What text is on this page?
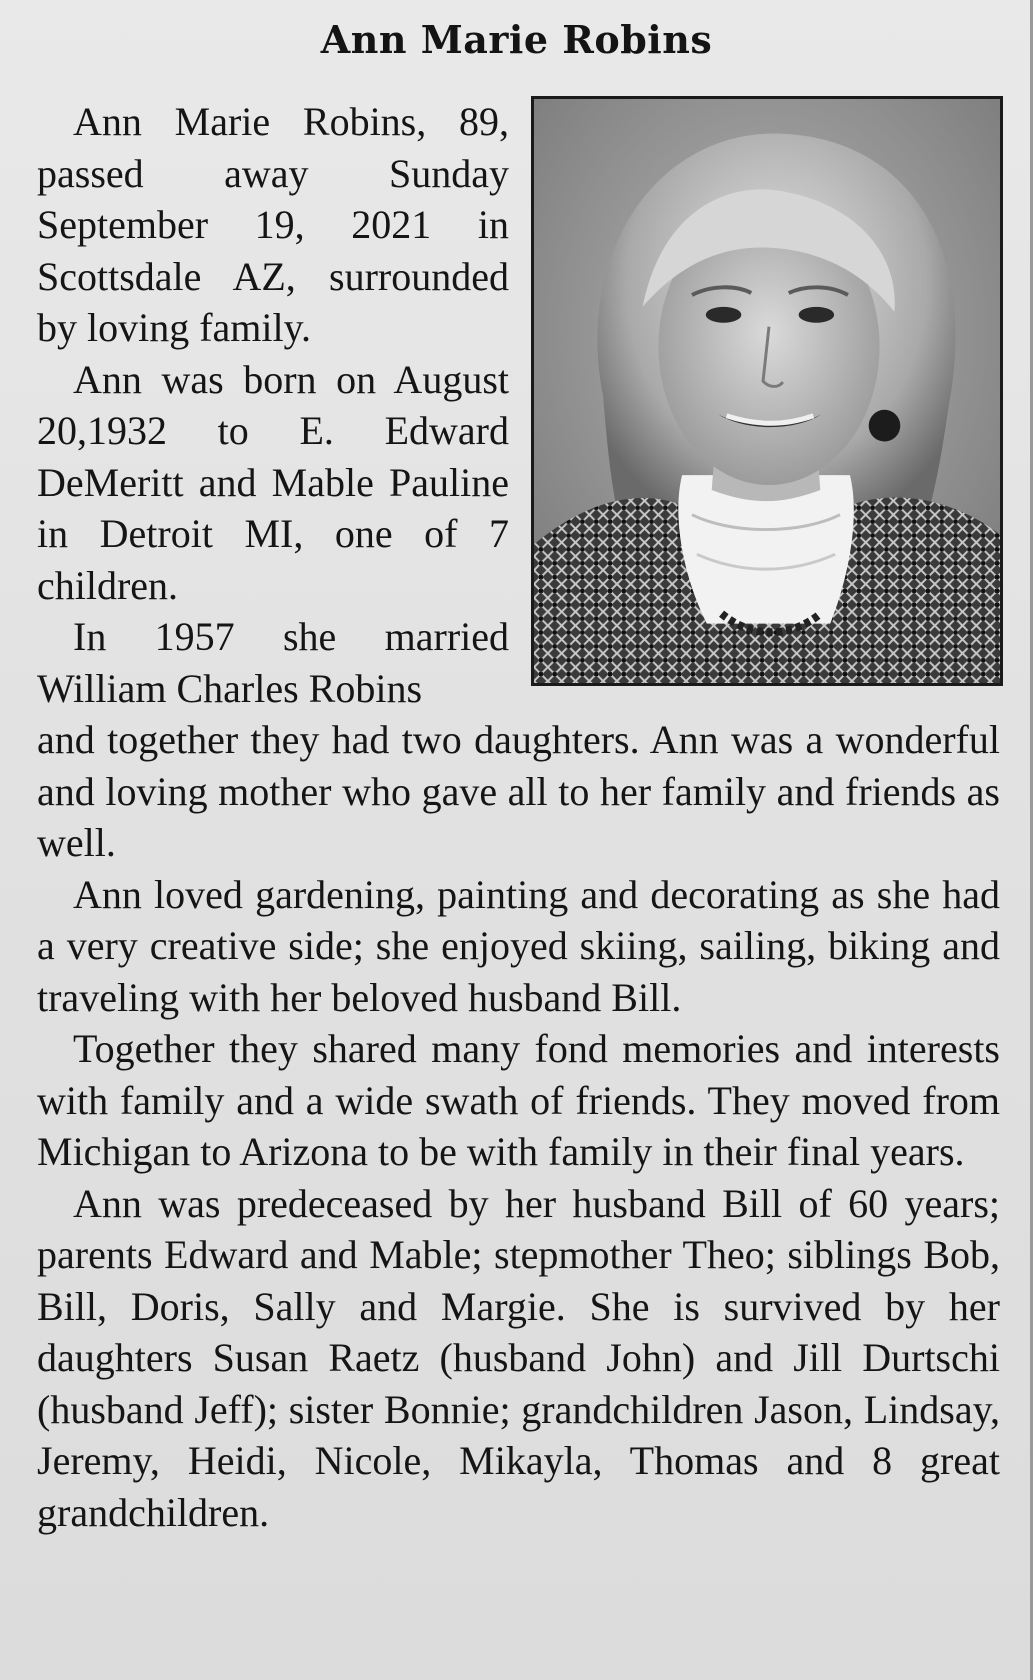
Ann Marie Robins

Ann Marie Robins, 89, passed away Sunday September 19, 2021 in Scottsdale AZ, surrounded by loving family.

Ann was born on August 20,1932 to E. Edward DeMeritt and Mable Pauline in Detroit MI, one of 7 children.

In 1957 she married William Charles Robins

and together they had two daughters. Ann was a wonderful and loving mother who gave all to her family and friends as well.

Ann loved gardening, painting and decorating as she had a very creative side; she enjoyed skiing, sailing, biking and traveling with her beloved husband Bill.

Together they shared many fond memories and interests with family and a wide swath of friends. They moved from Michigan to Arizona to be with family in their final years.

Ann was predeceased by her husband Bill of 60 years; parents Edward and Mable; stepmother Theo; siblings Bob, Bill, Doris, Sally and Margie. She is survived by her daughters Susan Raetz (husband John) and Jill Durtschi (husband Jeff); sister Bonnie; grandchildren Jason, Lindsay, Jeremy, Heidi, Nicole, Mikayla, Thomas and 8 great grandchildren.
